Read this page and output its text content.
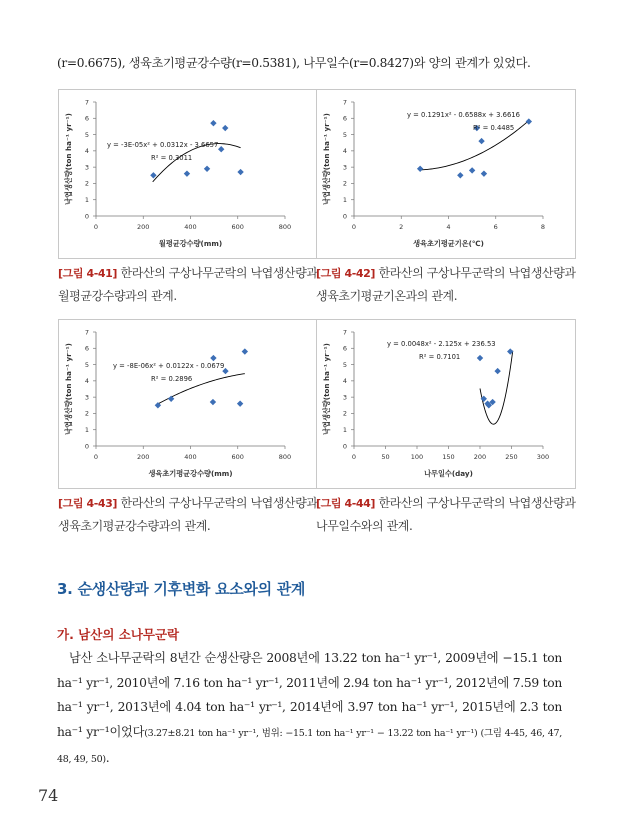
(r=0.6675), 생육초기평균강수량(r=0.5381), 나무일수(r=0.8427)와 양의 관계가 있었다.
0
1
2
3
4
5
6
7
0	200	400	600	800
월평균강수량(mm)
낙엽생산량(ton ha⁻¹ yr⁻¹)	y = -3E-05x² + 0.0312x - 3.6657
R² = 0.3011
[그림 4-41] 한라산의 구상나무군락의 낙엽생산량과 월평균강수량과의 관계.
0
1
2
3
4
5
6
7
0	2	4	6	8
생육초기평균기온(℃)
낙엽생산량(ton ha⁻¹ yr⁻¹)	y = 0.1291x² - 0.6588x + 3.6616
R² = 0.4485
[그림 4-42] 한라산의 구상나무군락의 낙엽생산량과 생육초기평균기온과의 관계.
0
1
2
3
4
5
6
7
0	200	400	600	800
생육초기평균강수량(mm)
낙엽생산량(ton ha⁻¹ yr⁻¹)	y = -8E-06x² + 0.0122x - 0.0679
R² = 0.2896
[그림 4-43] 한라산의 구상나무군락의 낙엽생산량과 생육초기평균강수량과의 관계.
0
1
2
3
4
5
6
7
0	50	100	150	200	250	300
나무일수(day)
낙엽생산량(ton ha⁻¹ yr⁻¹)	y = 0.0048x² - 2.125x + 236.53
R² = 0.7101
[그림 4-44] 한라산의 구상나무군락의 낙엽생산량과 나무일수와의 관계.
3. 순생산량과 기후변화 요소와의 관계
가. 남산의 소나무군락

남산 소나무군락의 8년간 순생산량은 2008년에 13.22 ton ha⁻¹ yr⁻¹, 2009년에 −15.1 ton ha⁻¹ yr⁻¹, 2010년에 7.16 ton ha⁻¹ yr⁻¹, 2011년에 2.94 ton ha⁻¹ yr⁻¹, 2012년에 7.59 ton ha⁻¹ yr⁻¹, 2013년에 4.04 ton ha⁻¹ yr⁻¹, 2014년에 3.97 ton ha⁻¹ yr⁻¹, 2015년에 2.3 ton ha⁻¹ yr⁻¹이었다(3.27±8.21 ton ha⁻¹ yr⁻¹, 범위: −15.1 ton ha⁻¹ yr⁻¹ − 13.22 ton ha⁻¹ yr⁻¹) (그림 4-45, 46, 47, 48, 49, 50).

74
